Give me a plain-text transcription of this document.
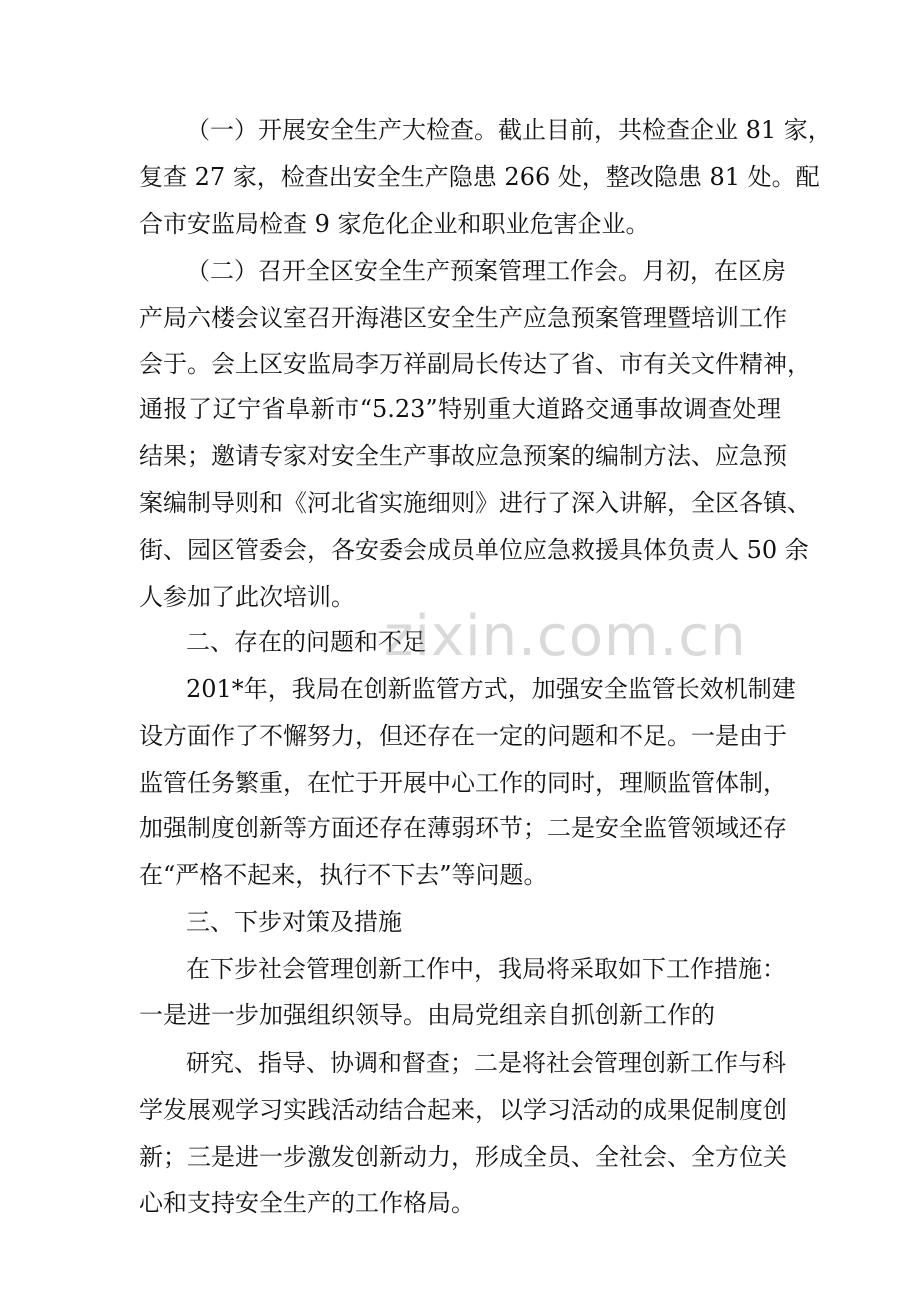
（一）开展安全生产大检查。截止目前，共检查企业 81 家，
复查 27 家，检查出安全生产隐患 266 处，整改隐患 81 处。配
合市安监局检查 9 家危化企业和职业危害企业。
（二）召开全区安全生产预案管理工作会。月初，在区房
产局六楼会议室召开海港区安全生产应急预案管理暨培训工作
会于。会上区安监局李万祥副局长传达了省、市有关文件精神，
通报了辽宁省阜新市“5.23”特别重大道路交通事故调查处理
结果；邀请专家对安全生产事故应急预案的编制方法、应急预
案编制导则和《河北省实施细则》进行了深入讲解，全区各镇、
街、园区管委会，各安委会成员单位应急救援具体负责人 50 余
人参加了此次培训。
二、存在的问题和不足
201*年，我局在创新监管方式，加强安全监管长效机制建
设方面作了不懈努力，但还存在一定的问题和不足。一是由于
监管任务繁重，在忙于开展中心工作的同时，理顺监管体制，
加强制度创新等方面还存在薄弱环节；二是安全监管领域还存
在“严格不起来，执行不下去”等问题。
三、下步对策及措施
在下步社会管理创新工作中，我局将采取如下工作措施：
一是进一步加强组织领导。由局党组亲自抓创新工作的
研究、指导、协调和督查；二是将社会管理创新工作与科
学发展观学习实践活动结合起来，以学习活动的成果促制度创
新；三是进一步激发创新动力，形成全员、全社会、全方位关
心和支持安全生产的工作格局。
zixin.com.cn
